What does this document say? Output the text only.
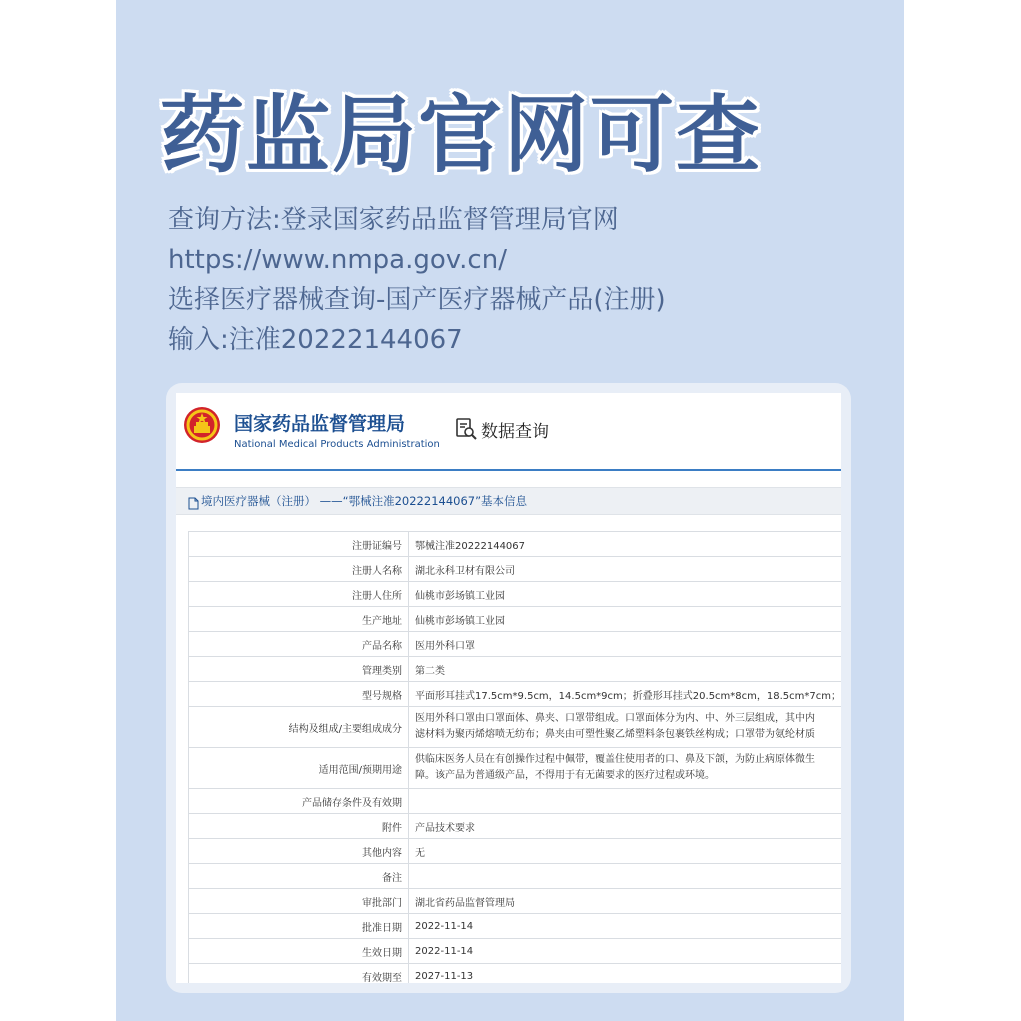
药监局官网可查
查询方法:登录国家药品监督管理局官网
https://www.nmpa.gov.cn/
选择医疗器械查询-国产医疗器械产品(注册)
输入:注准20222144067
国家药品监督管理局
National Medical Products Administration
数据查询
境内医疗器械（注册） ——“鄂械注准20222144067”基本信息
注册证编号	鄂械注准20222144067
注册人名称	湖北永科卫材有限公司
注册人住所	仙桃市彭场镇工业园
生产地址	仙桃市彭场镇工业园
产品名称	医用外科口罩
管理类别	第二类
型号规格	平面形耳挂式17.5cm*9.5cm，14.5cm*9cm；折叠形耳挂式20.5cm*8cm，18.5cm*7cm；
结构及组成/主要组成成分	医用外科口罩由口罩面体、鼻夹、口罩带组成。口罩面体分为内、中、外三层组成，其中内
滤材料为聚丙烯熔喷无纺布；鼻夹由可塑性聚乙烯塑料条包裹铁丝构成；口罩带为氨纶材质

适用范围/预期用途	供临床医务人员在有创操作过程中佩带，覆盖住使用者的口、鼻及下颌，为防止病原体微生
障。该产品为普通级产品，不得用于有无菌要求的医疗过程或环境。

产品储存条件及有效期	
附件	产品技术要求
其他内容	无
备注	
审批部门	湖北省药品监督管理局
批准日期	2022-11-14
生效日期	2022-11-14
有效期至	2027-11-13
